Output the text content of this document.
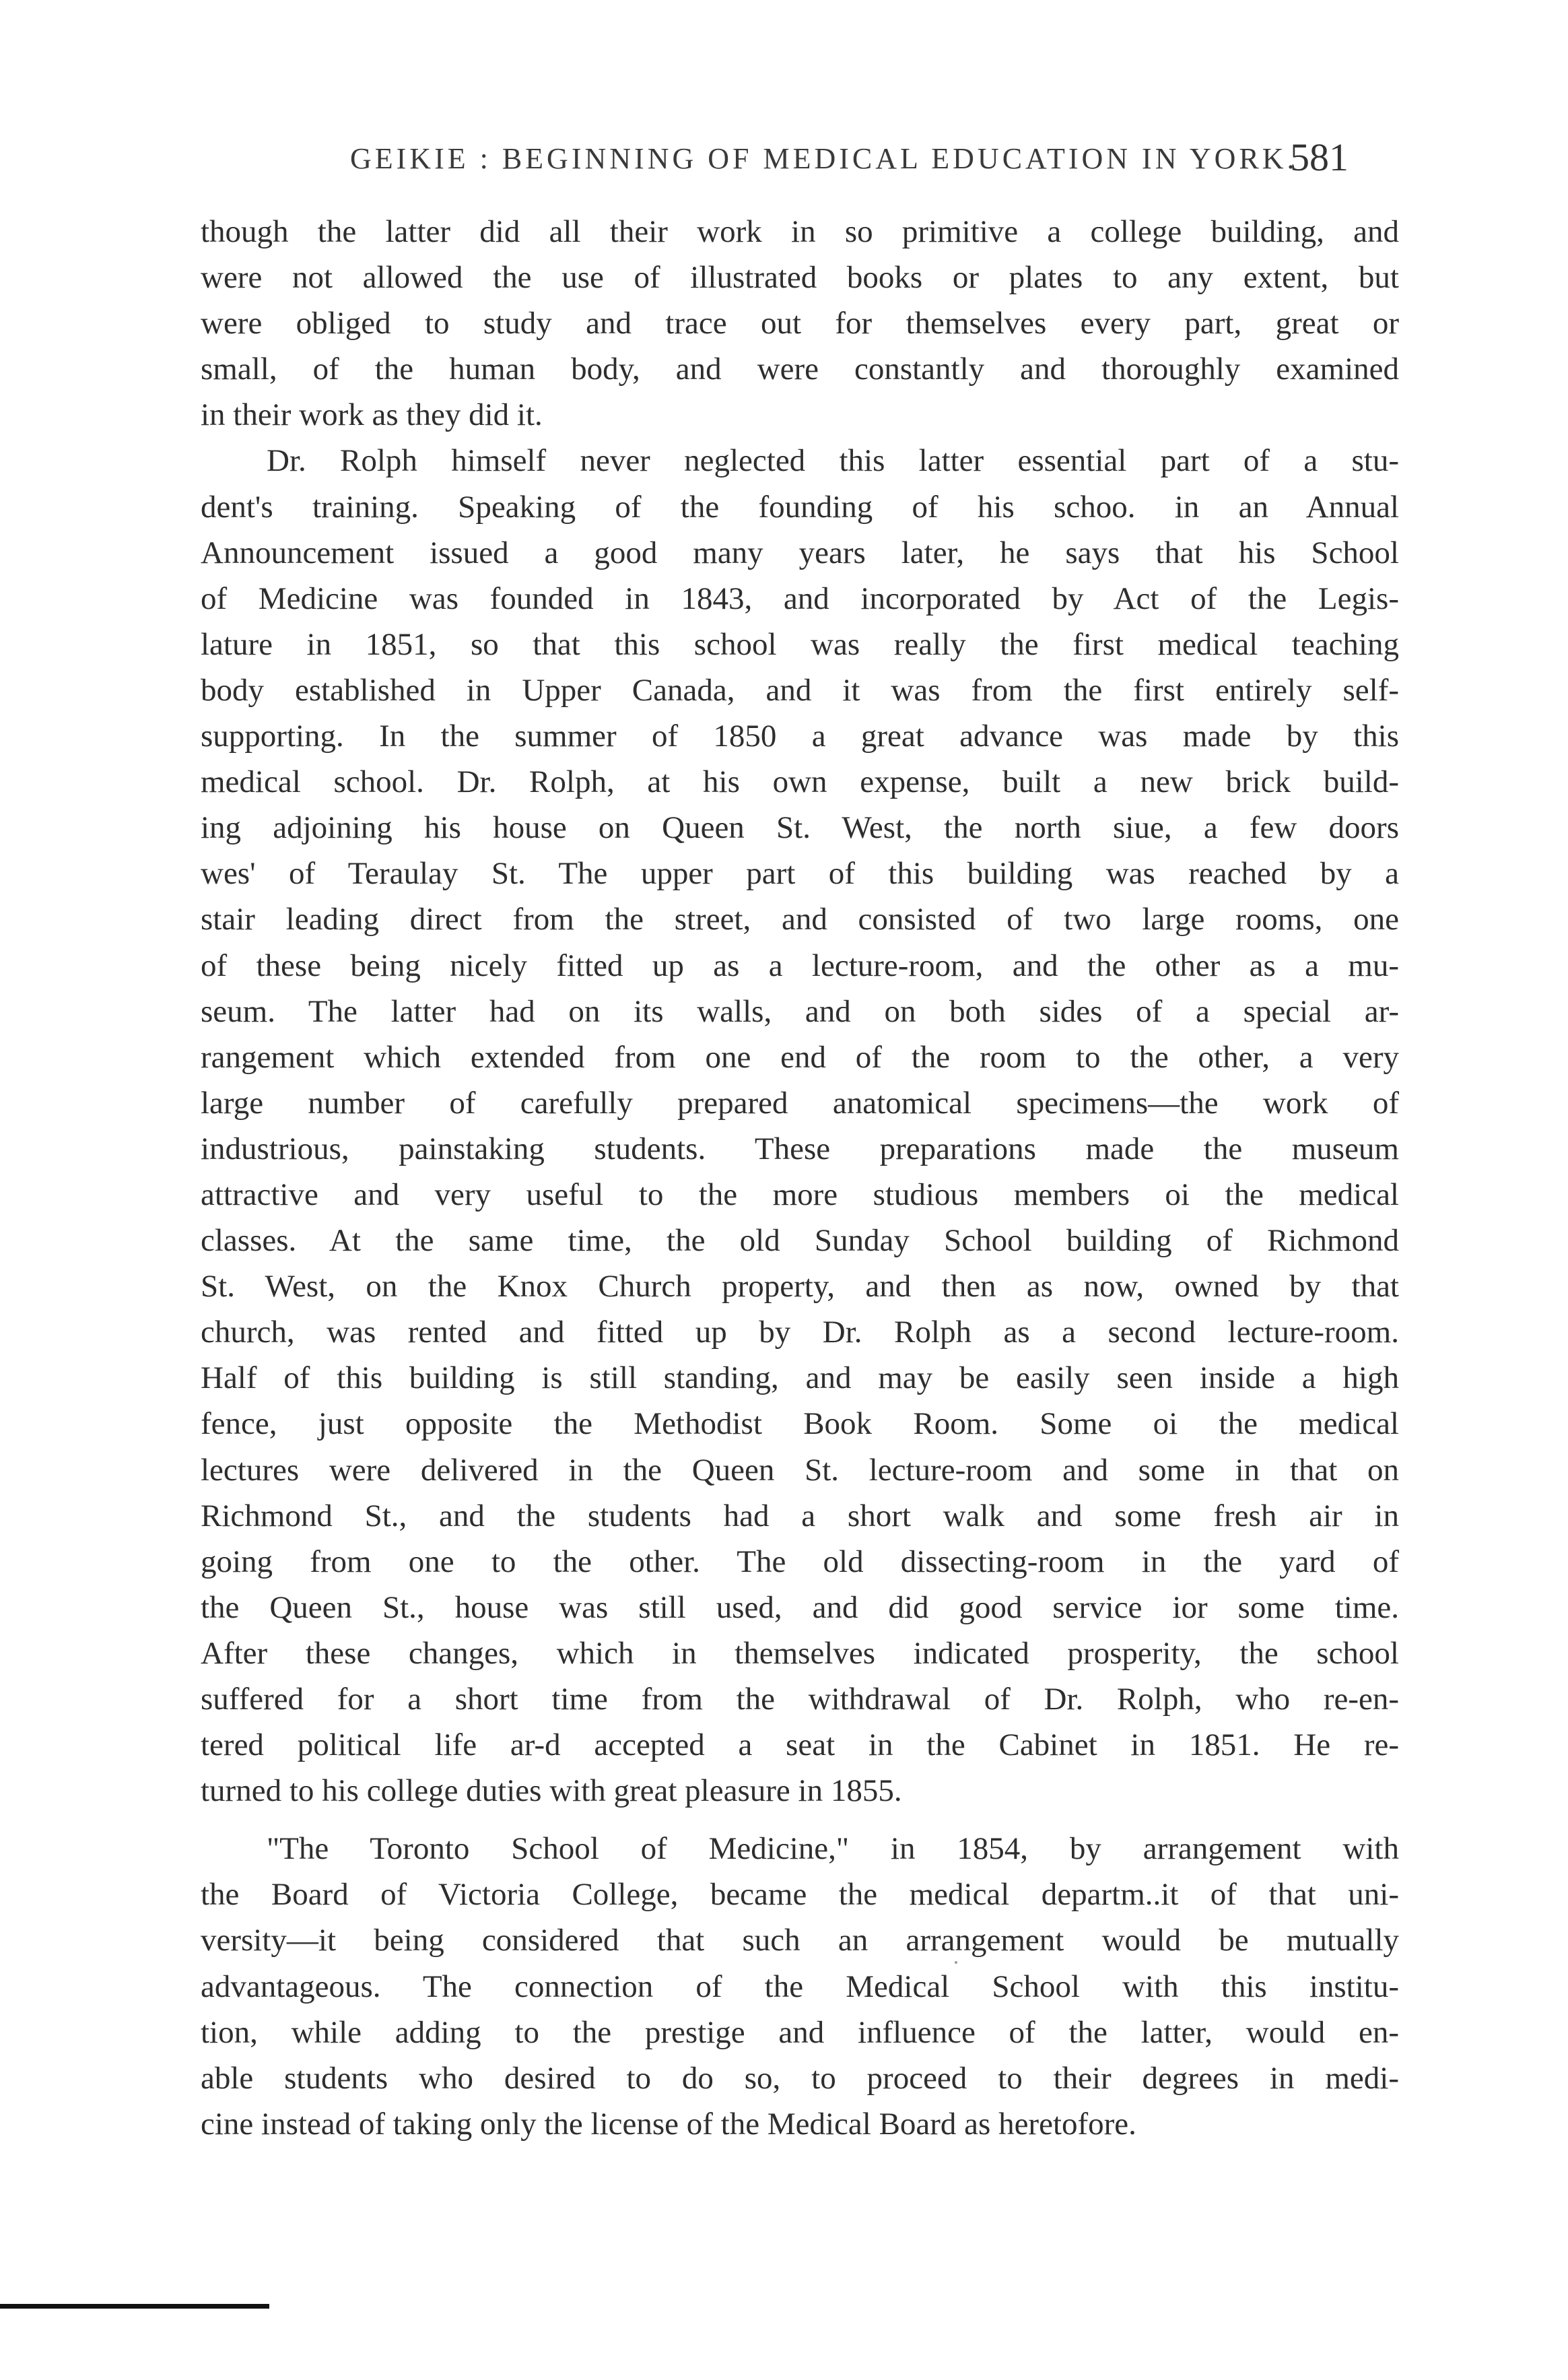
GEIKIE : BEGINNING OF MEDICAL EDUCATION IN YORK.
581
though the latter did all their work in so primitive a college building, and
were not allowed the use of illustrated books or plates to any extent, but
were obliged to study and trace out for themselves every part, great or
small, of the human body, and were constantly and thoroughly examined
in their work as they did it.
Dr. Rolph himself never neglected this latter essential part of a stu-
dent's training. Speaking of the founding of his schoo. in an Annual
Announcement issued a good many years later, he says that his School
of Medicine was founded in 1843, and incorporated by Act of the Legis-
lature in 1851, so that this school was really the first medical teaching
body established in Upper Canada, and it was from the first entirely self-
supporting. In the summer of 1850 a great advance was made by this
medical school. Dr. Rolph, at his own expense, built a new brick build-
ing adjoining his house on Queen St. West, the north siue, a few doors
wes' of Teraulay St. The upper part of this building was reached by a
stair leading direct from the street, and consisted of two large rooms, one
of these being nicely fitted up as a lecture-room, and the other as a mu-
seum. The latter had on its walls, and on both sides of a special ar-
rangement which extended from one end of the room to the other, a very
large number of carefully prepared anatomical specimens—the work of
industrious, painstaking students. These preparations made the museum
attractive and very useful to the more studious members oi the medical
classes. At the same time, the old Sunday School building of Richmond
St. West, on the Knox Church property, and then as now, owned by that
church, was rented and fitted up by Dr. Rolph as a second lecture-room.
Half of this building is still standing, and may be easily seen inside a high
fence, just opposite the Methodist Book Room. Some oi the medical
lectures were delivered in the Queen St. lecture-room and some in that on
Richmond St., and the students had a short walk and some fresh air in
going from one to the other. The old dissecting-room in the yard of
the Queen St., house was still used, and did good service ior some time.
After these changes, which in themselves indicated prosperity, the school
suffered for a short time from the withdrawal of Dr. Rolph, who re-en-
tered political life ar-d accepted a seat in the Cabinet in 1851. He re-
turned to his college duties with great pleasure in 1855.
"The Toronto School of Medicine," in 1854, by arrangement with
the Board of Victoria College, became the medical departm..it of that uni-
versity—it being considered that such an arrangement would be mutually
advantageous. The connection of the Medical School with this institu-
tion, while adding to the prestige and influence of the latter, would en-
able students who desired to do so, to proceed to their degrees in medi-
cine instead of taking only the license of the Medical Board as heretofore.
